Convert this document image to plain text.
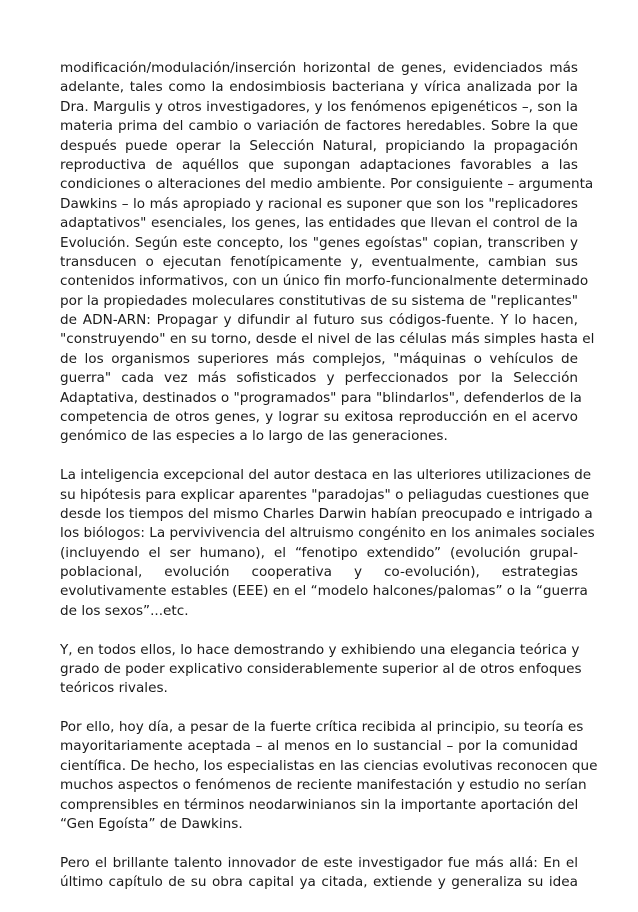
modificación/modulación/inserción horizontal de genes, evidenciados más
adelante, tales como la endosimbiosis bacteriana y vírica analizada por la
Dra. Margulis y otros investigadores, y los fenómenos epigenéticos –, son la
materia prima del cambio o variación de factores heredables. Sobre la que
después puede operar la Selección Natural, propiciando la propagación
reproductiva de aquéllos que supongan adaptaciones favorables a las
condiciones o alteraciones del medio ambiente. Por consiguiente – argumenta
Dawkins – lo más apropiado y racional es suponer que son los "replicadores
adaptativos" esenciales, los genes, las entidades que llevan el control de la
Evolución. Según este concepto, los "genes egoístas" copian, transcriben y
transducen o ejecutan fenotípicamente y, eventualmente, cambian sus
contenidos informativos, con un único fin morfo-funcionalmente determinado
por la propiedades moleculares constitutivas de su sistema de "replicantes"
de ADN-ARN: Propagar y difundir al futuro sus códigos-fuente. Y lo hacen,
"construyendo" en su torno, desde el nivel de las células más simples hasta el
de los organismos superiores más complejos, "máquinas o vehículos de
guerra" cada vez más sofisticados y perfeccionados por la Selección
Adaptativa, destinados o "programados" para "blindarlos", defenderlos de la
competencia de otros genes, y lograr su exitosa reproducción en el acervo
genómico de las especies a lo largo de las generaciones.
La inteligencia excepcional del autor destaca en las ulteriores utilizaciones de
su hipótesis para explicar aparentes "paradojas" o peliagudas cuestiones que
desde los tiempos del mismo Charles Darwin habían preocupado e intrigado a
los biólogos: La pervivivencia del altruismo congénito en los animales sociales
(incluyendo el ser humano), el “fenotipo extendido” (evolución grupal-
poblacional, evolución cooperativa y co-evolución), estrategias
evolutivamente estables (EEE) en el “modelo halcones/palomas” o la “guerra
de los sexos”...etc.
Y, en todos ellos, lo hace demostrando y exhibiendo una elegancia teórica y
grado de poder explicativo considerablemente superior al de otros enfoques
teóricos rivales.
Por ello, hoy día, a pesar de la fuerte crítica recibida al principio, su teoría es
mayoritariamente aceptada – al menos en lo sustancial – por la comunidad
científica. De hecho, los especialistas en las ciencias evolutivas reconocen que
muchos aspectos o fenómenos de reciente manifestación y estudio no serían
comprensibles en términos neodarwinianos sin la importante aportación del
“Gen Egoísta” de Dawkins.
Pero el brillante talento innovador de este investigador fue más allá: En el
último capítulo de su obra capital ya citada, extiende y generaliza su idea
